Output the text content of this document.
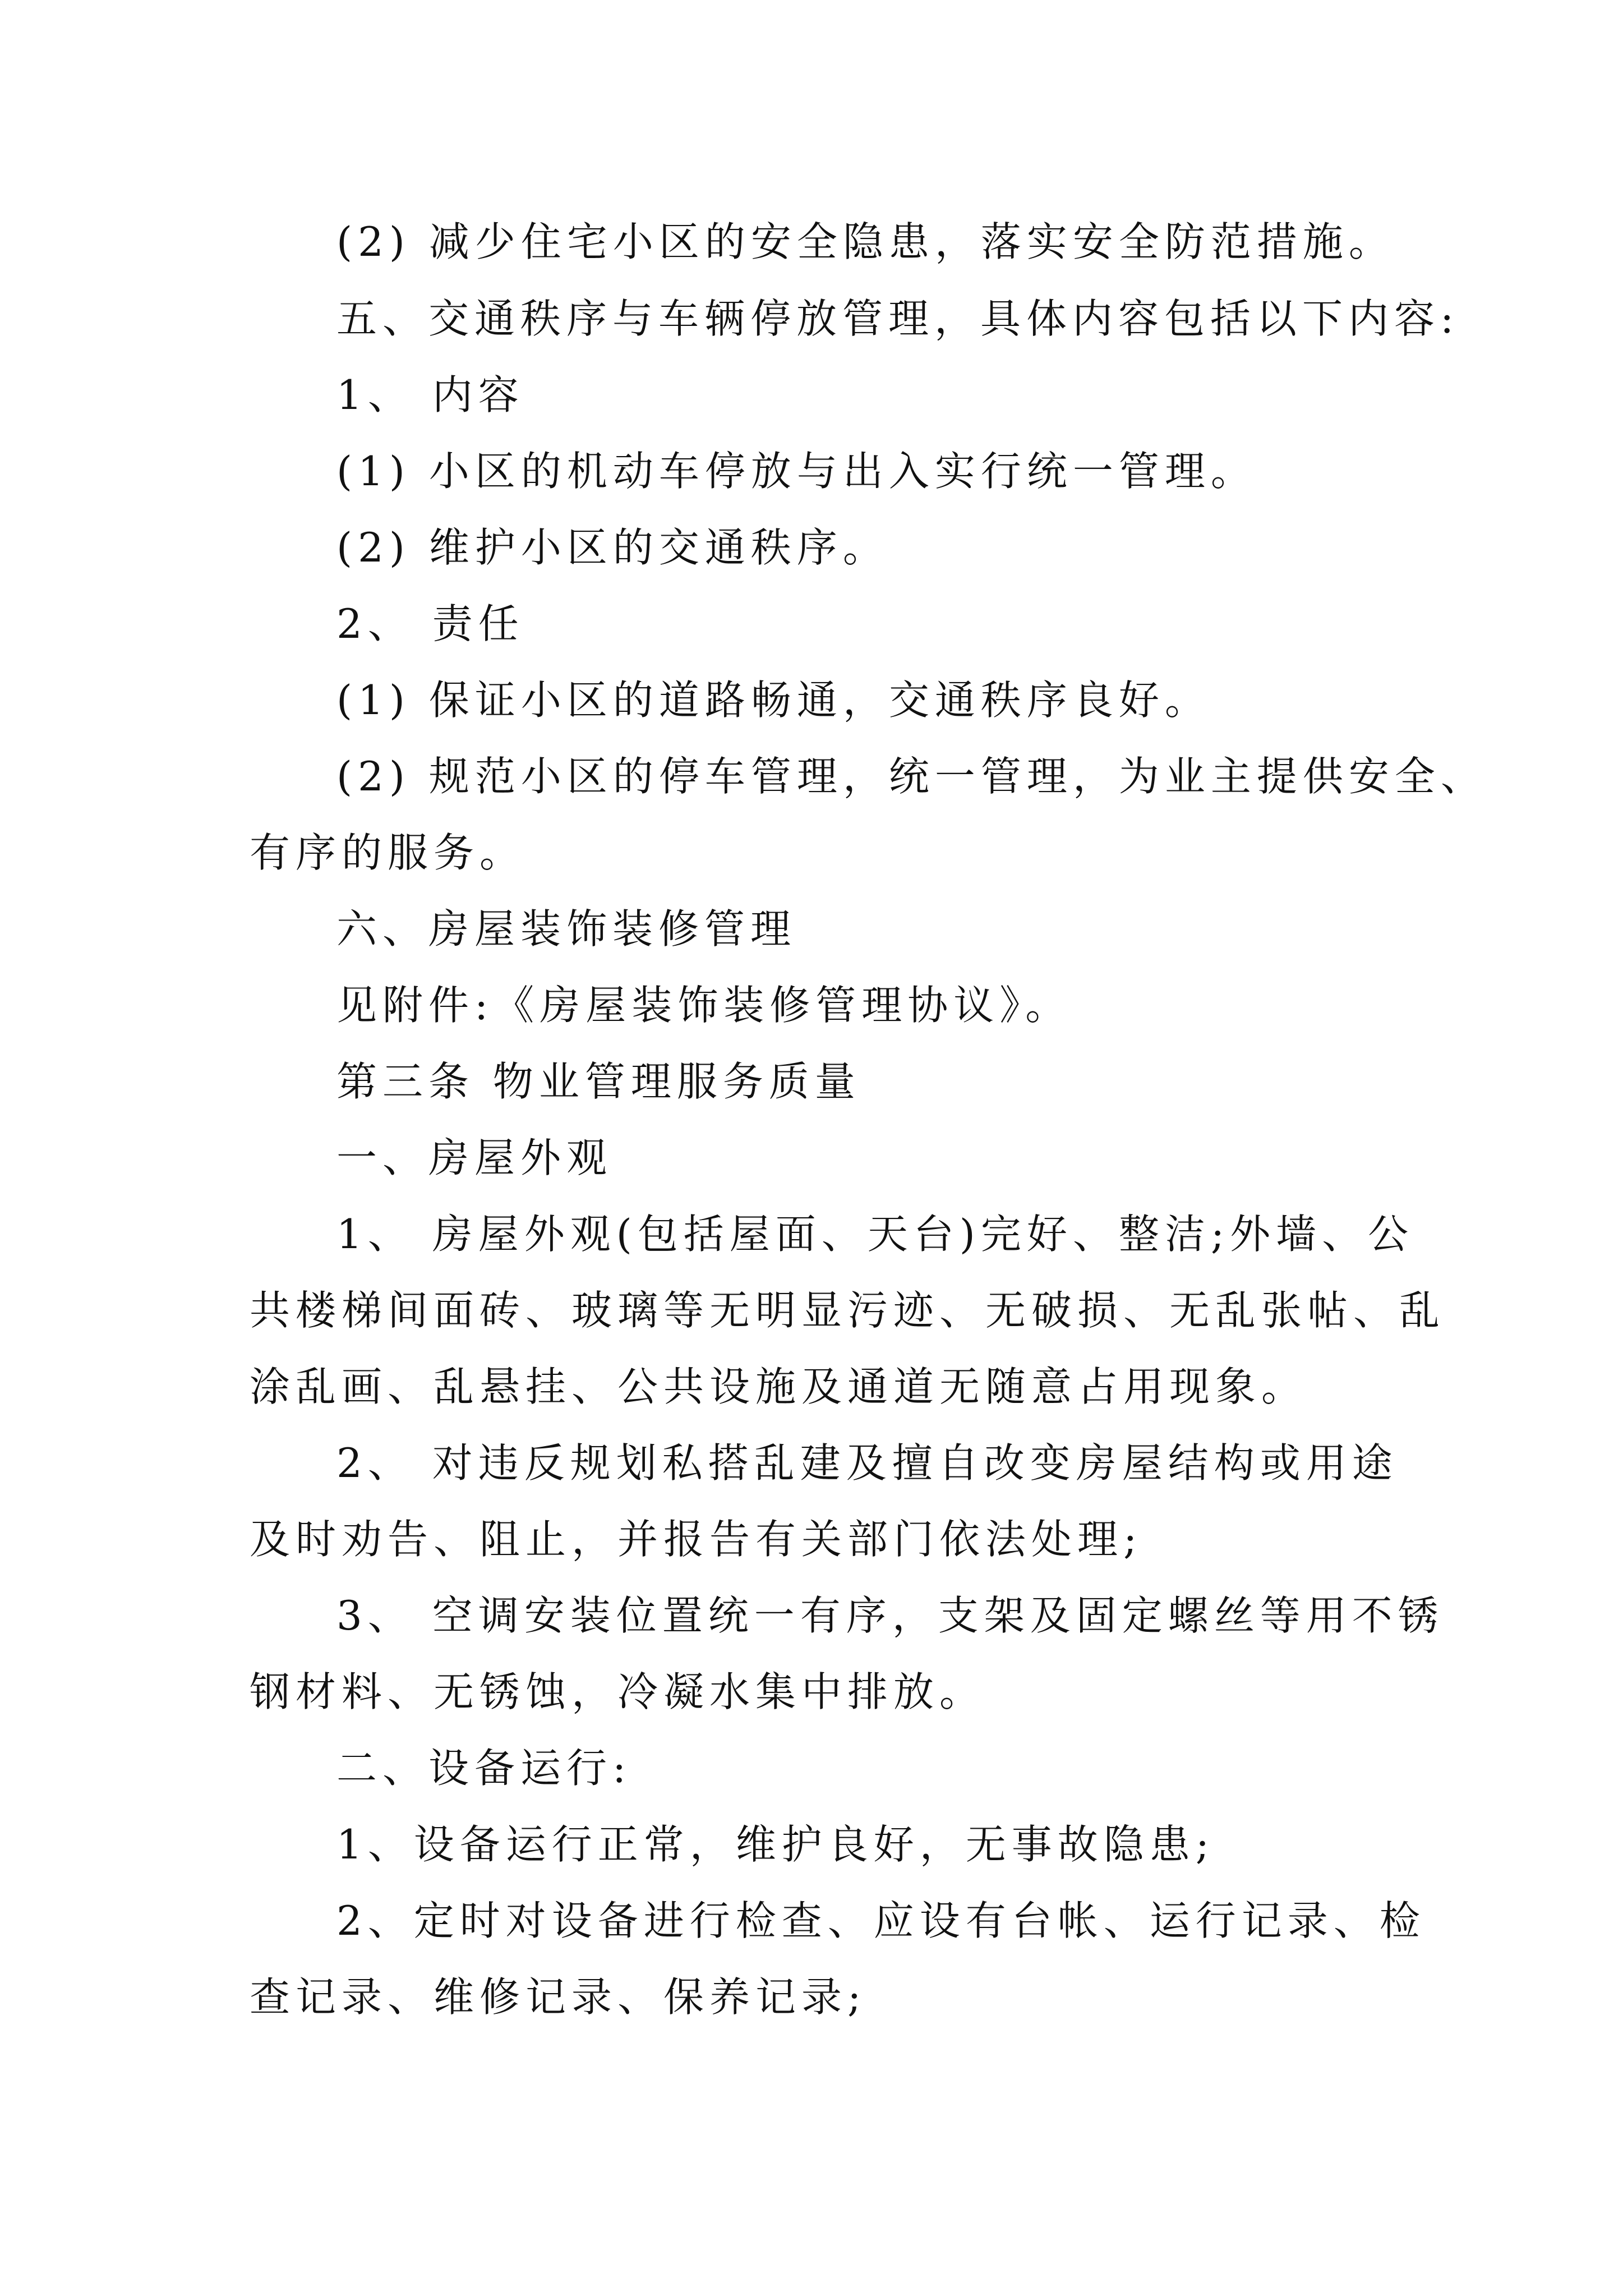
(2) 减少住宅小区的安全隐患，落实安全防范措施。
五、交通秩序与车辆停放管理，具体内容包括以下内容:
1、 内容
(1) 小区的机动车停放与出入实行统一管理。
(2) 维护小区的交通秩序。
2、 责任
(1) 保证小区的道路畅通，交通秩序良好。
(2) 规范小区的停车管理，统一管理，为业主提供安全、
有序的服务。
六、房屋装饰装修管理
见附件:《房屋装饰装修管理协议》。
第三条 物业管理服务质量
一、房屋外观
1、 房屋外观(包括屋面、天台)完好、整洁;外墙、公
共楼梯间面砖、玻璃等无明显污迹、无破损、无乱张帖、乱
涂乱画、乱悬挂、公共设施及通道无随意占用现象。
2、 对违反规划私搭乱建及擅自改变房屋结构或用途
及时劝告、阻止，并报告有关部门依法处理;
3、 空调安装位置统一有序，支架及固定螺丝等用不锈
钢材料、无锈蚀，冷凝水集中排放。
二、设备运行:
1、设备运行正常，维护良好，无事故隐患;
2、定时对设备进行检查、应设有台帐、运行记录、检
查记录、维修记录、保养记录;
